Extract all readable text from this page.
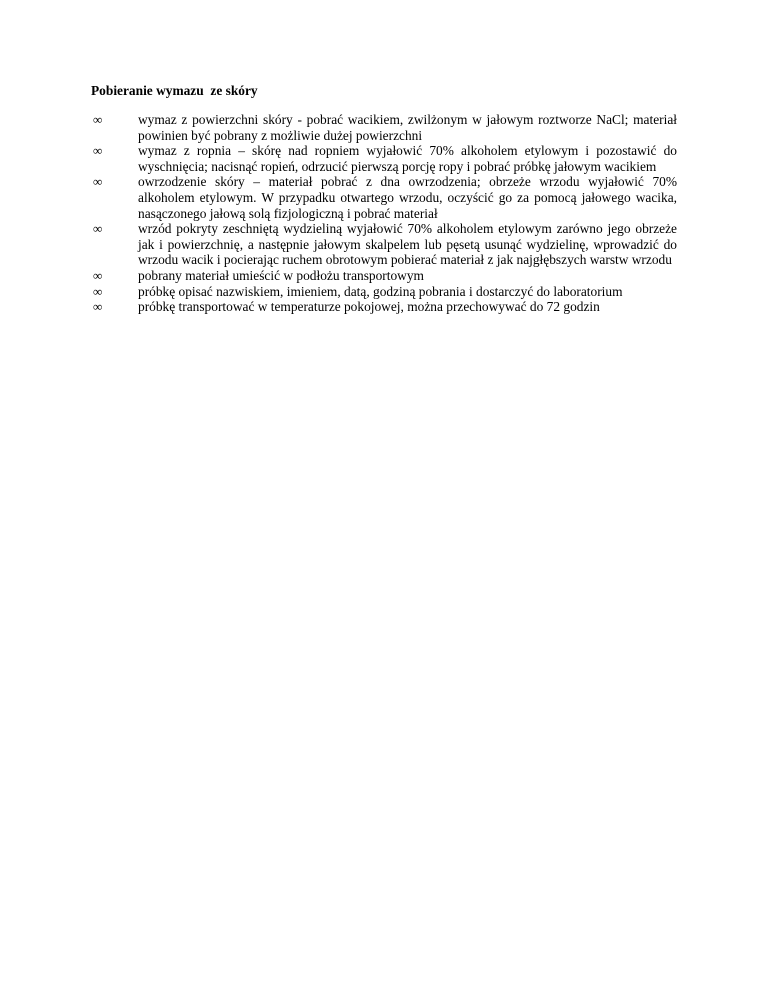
Pobieranie wymazu  ze skóry
∞	wymaz z powierzchni skóry - pobrać wacikiem, zwilżonym w jałowym roztworze NaCl; materiał powinien być pobrany z możliwie dużej powierzchni
∞	wymaz z ropnia – skórę nad ropniem wyjałowić 70% alkoholem etylowym i pozostawić do wyschnięcia; nacisnąć ropień, odrzucić pierwszą porcję ropy i pobrać próbkę jałowym wacikiem
∞	owrzodzenie skóry – materiał pobrać z dna owrzodzenia; obrzeże wrzodu wyjałowić 70% alkoholem etylowym. W przypadku otwartego wrzodu, oczyścić go za pomocą jałowego wacika, nasączonego jałową solą fizjologiczną i pobrać materiał
∞	wrzód pokryty zeschniętą wydzieliną wyjałowić 70% alkoholem etylowym zarówno jego obrzeże jak i powierzchnię, a następnie jałowym skalpelem lub pęsetą usunąć wydzielinę, wprowadzić do wrzodu wacik i pocierając ruchem obrotowym pobierać materiał z jak najgłębszych warstw wrzodu
∞	pobrany materiał umieścić w podłożu transportowym
∞	próbkę opisać nazwiskiem, imieniem, datą, godziną pobrania i dostarczyć do laboratorium
∞	próbkę transportować w temperaturze pokojowej, można przechowywać do 72 godzin
